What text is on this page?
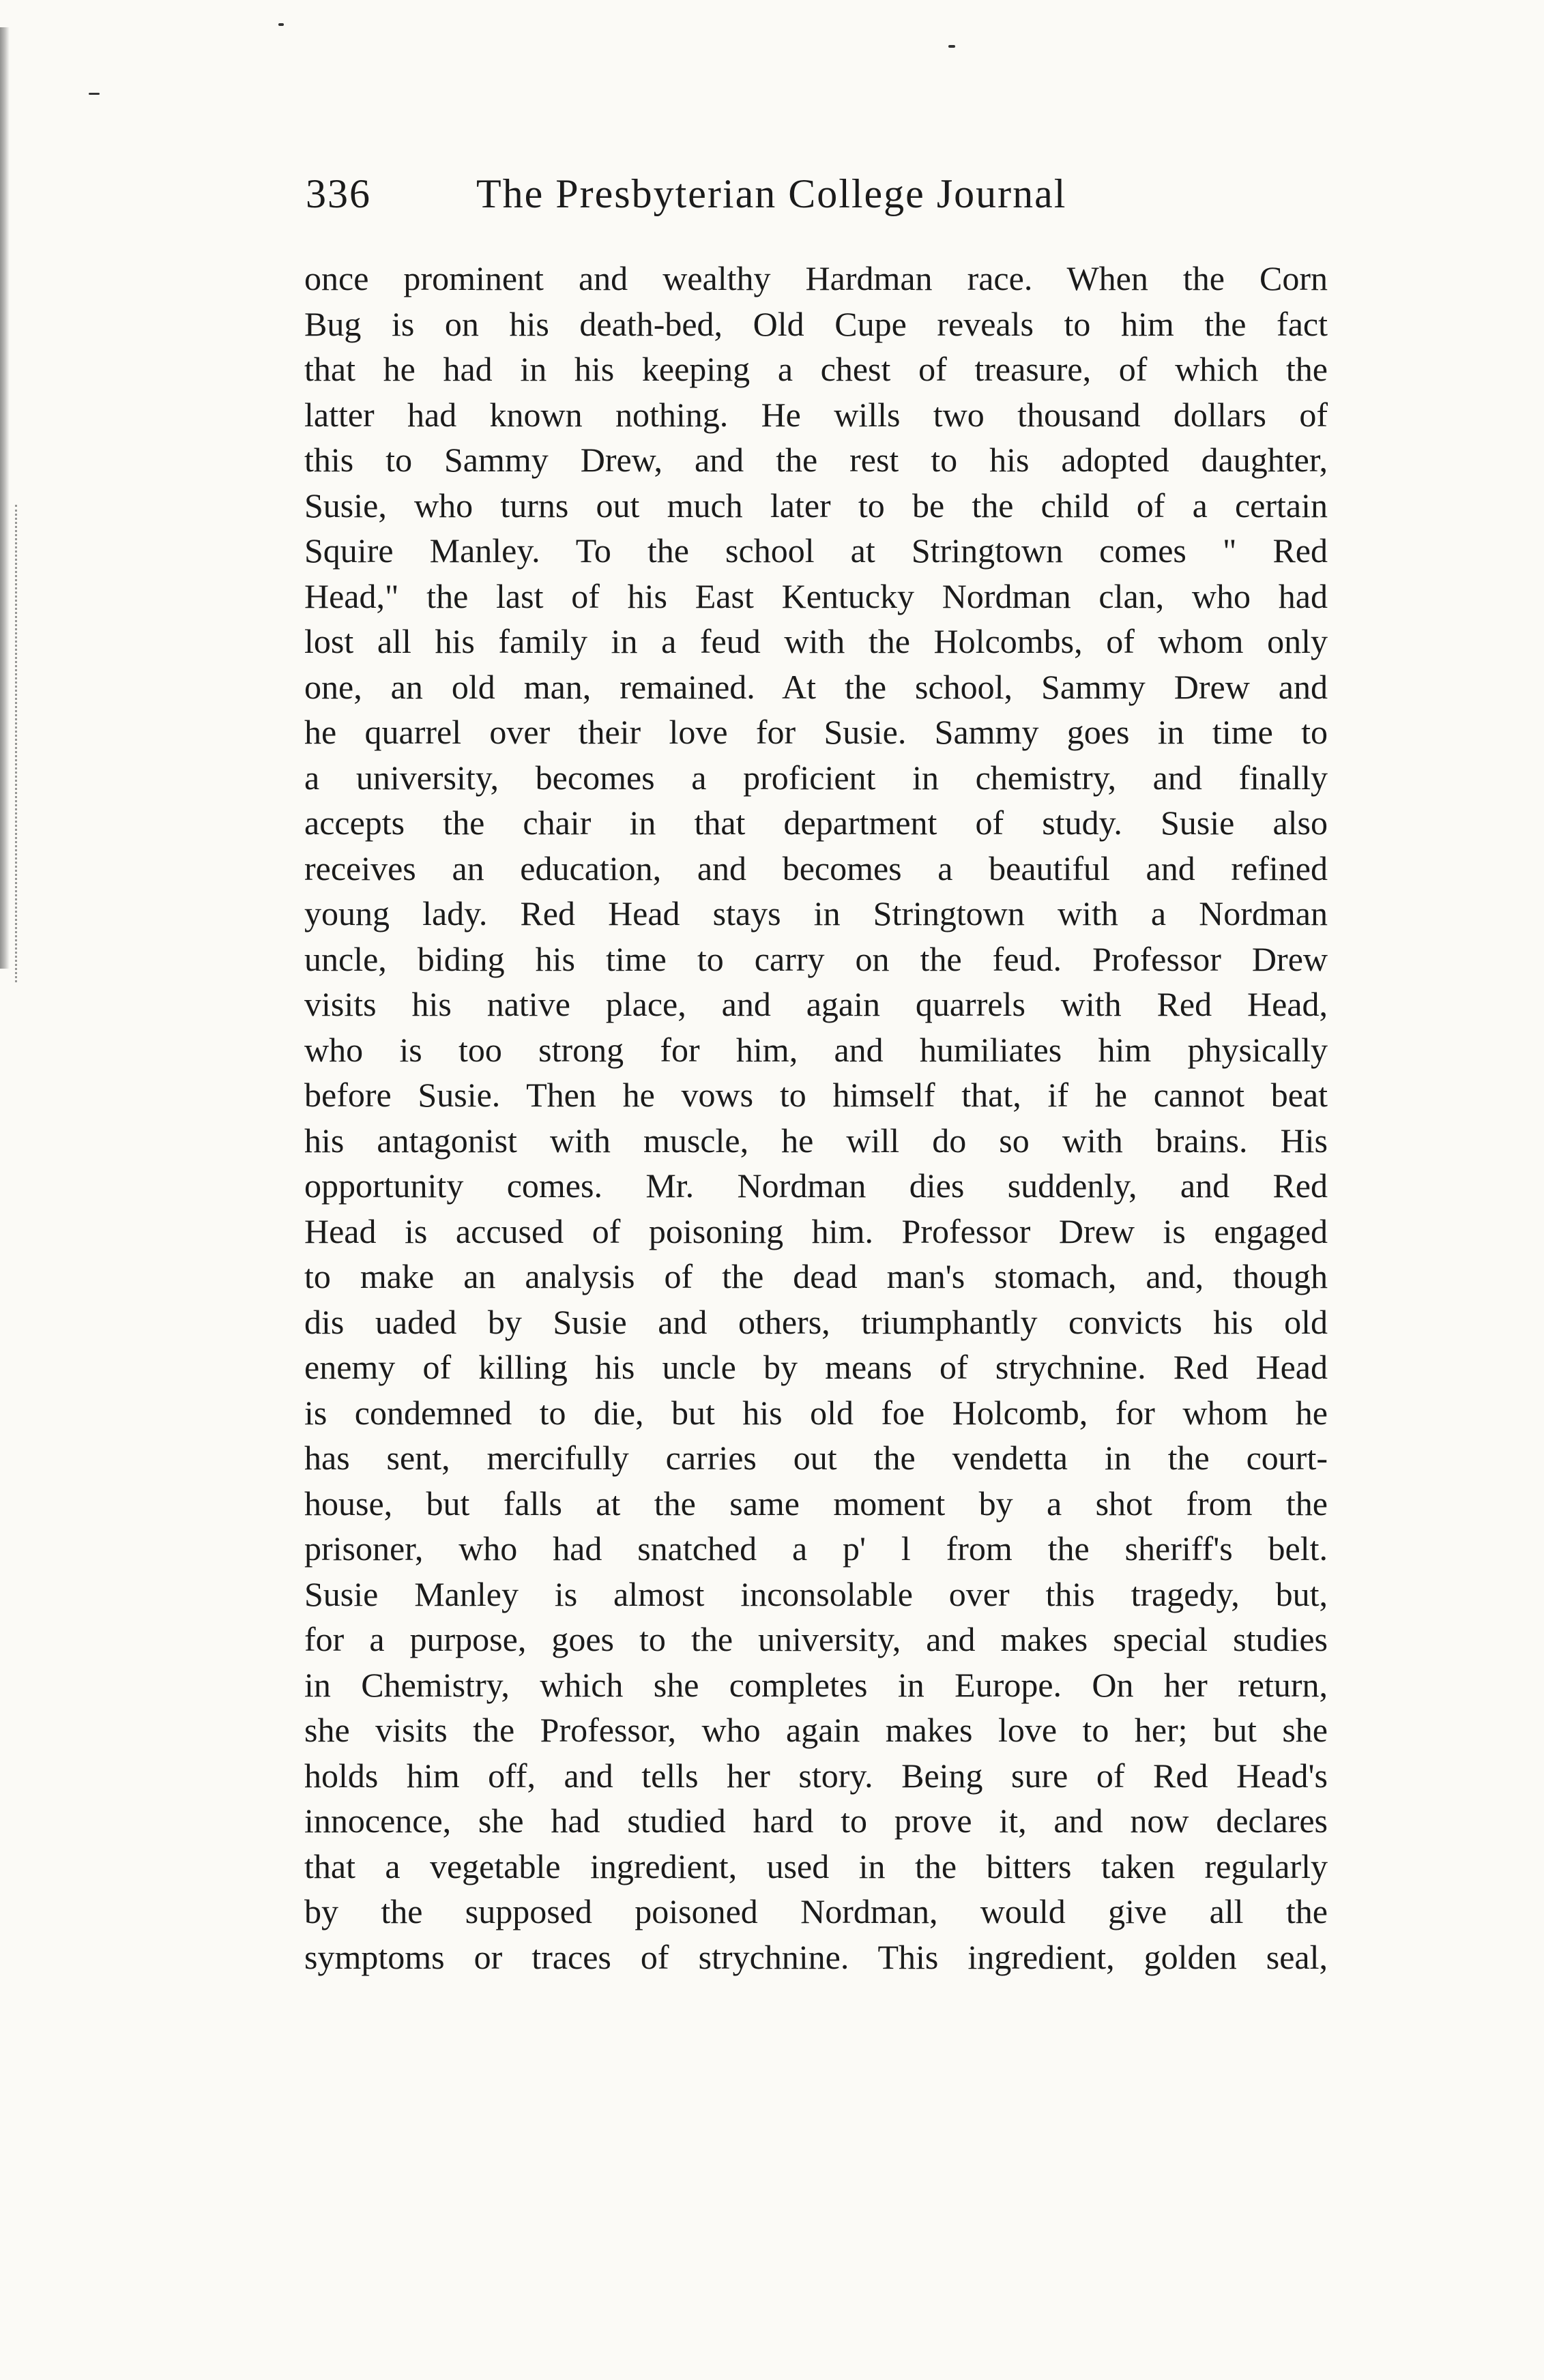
336	The Presbyterian College Journal
once prominent and wealthy Hardman race. When the Corn
Bug is on his death-bed, Old Cupe reveals to him the fact
that he had in his keeping a chest of treasure, of which the
latter had known nothing. He wills two thousand dollars of
this to Sammy Drew, and the rest to his adopted daughter,
Susie, who turns out much later to be the child of a certain
Squire Manley. To the school at Stringtown comes " Red
Head," the last of his East Kentucky Nordman clan, who had
lost all his family in a feud with the Holcombs, of whom only
one, an old man, remained. At the school, Sammy Drew and
he quarrel over their love for Susie. Sammy goes in time to
a university, becomes a proficient in chemistry, and finally
accepts the chair in that department of study. Susie also
receives an education, and becomes a beautiful and refined
young lady. Red Head stays in Stringtown with a Nordman
uncle, biding his time to carry on the feud. Professor Drew
visits his native place, and again quarrels with Red Head,
who is too strong for him, and humiliates him physically
before Susie. Then he vows to himself that, if he cannot beat
his antagonist with muscle, he will do so with brains. His
opportunity comes. Mr. Nordman dies suddenly, and Red
Head is accused of poisoning him. Professor Drew is engaged
to make an analysis of the dead man's stomach, and, though
dis uaded by Susie and others, triumphantly convicts his old
enemy of killing his uncle by means of strychnine. Red Head
is condemned to die, but his old foe Holcomb, for whom he
has sent, mercifully carries out the vendetta in the court-
house, but falls at the same moment by a shot from the
prisoner, who had snatched a p' l from the sheriff's belt.
Susie Manley is almost inconsolable over this tragedy, but,
for a purpose, goes to the university, and makes special studies
in Chemistry, which she completes in Europe. On her return,
she visits the Professor, who again makes love to her; but she
holds him off, and tells her story. Being sure of Red Head's
innocence, she had studied hard to prove it, and now declares
that a vegetable ingredient, used in the bitters taken regularly
by the supposed poisoned Nordman, would give all the
symptoms or traces of strychnine. This ingredient, golden seal,
